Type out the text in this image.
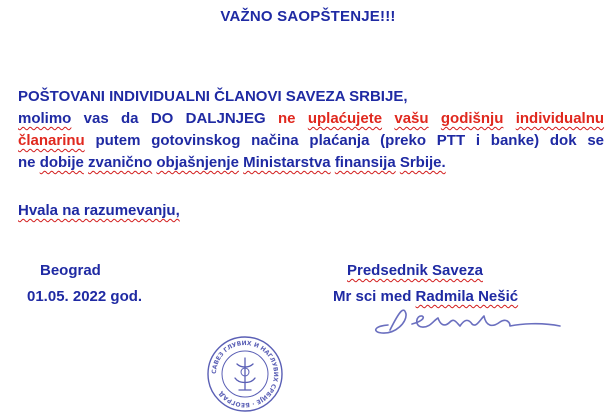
VAŽNO SAOPŠTENJE!!!
POŠTOVANI INDIVIDUALNI ČLANOVI SAVEZA SRBIJE,
molimo vas da DO DALJNJEG ne uplaćujete vašu godišnju individualnu
članarinu putem gotovinskog načina plaćanja (preko PTT i banke) dok se
ne dobije zvanično objašnjenje Ministarstva finansija Srbije.
Hvala na razumevanju,
Beograd
01.05. 2022 god.
Predsednik Saveza
Mr sci med Radmila Nešić
САВЕЗ ГЛУВИХ И НАГЛУВИХ СРБИЈЕ · БЕОГРАД
